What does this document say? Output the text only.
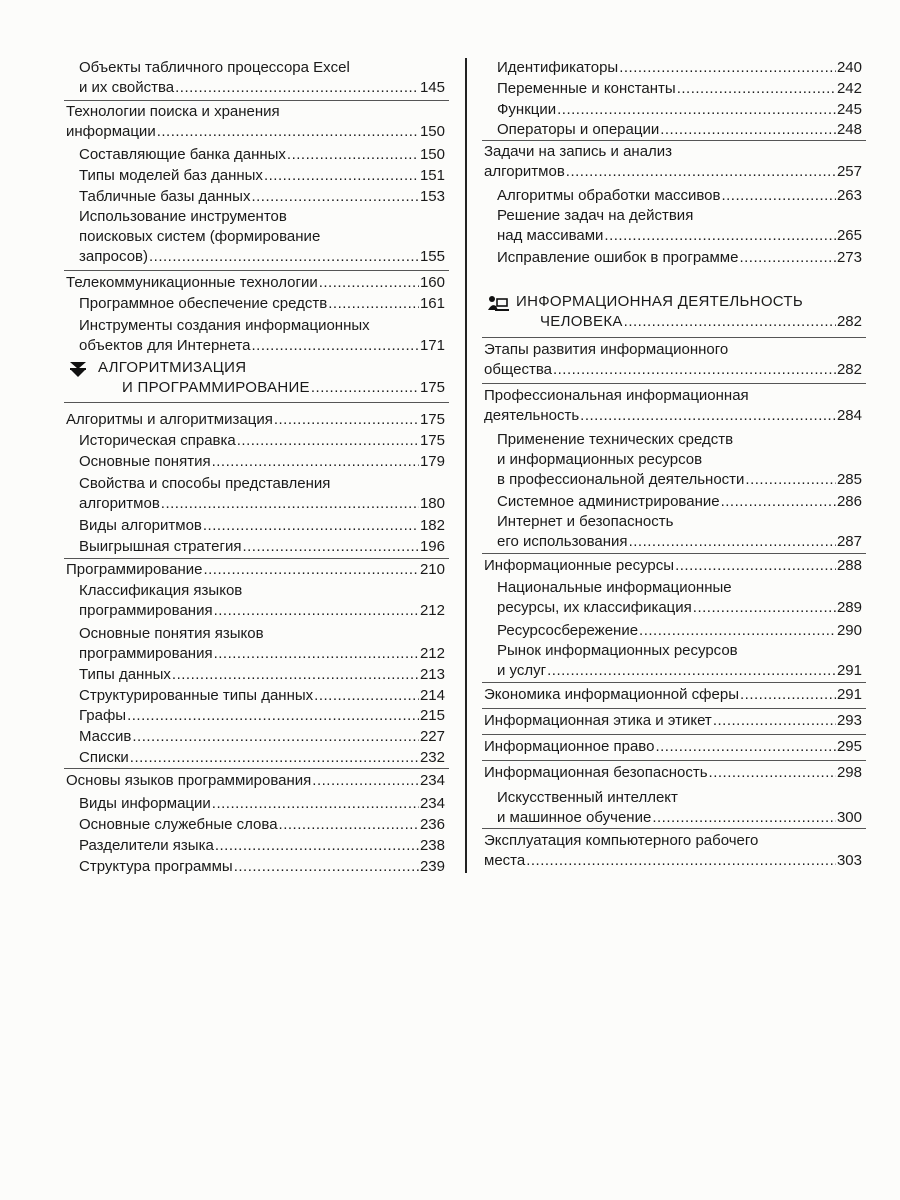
Объекты табличного процессора Excel
и их свойства .....	145
Технологии поиска и хранения
информации .....	150
Составляющие банка данных .....	150
Типы моделей баз данных .....	151
Табличные базы данных .....	153
Использование инструментов
поисковых систем (формирование
запросов) .....	155
Телекоммуникационные технологии .....	160
Программное обеспечение средств .....	161
Инструменты создания информационных
объектов для Интернета .....	171
АЛГОРИТМИЗАЦИЯ
И ПРОГРАММИРОВАНИЕ .....	175
Алгоритмы и алгоритмизация .....	175
Историческая справка .....	175
Основные понятия .....	179
Свойства и способы представления
алгоритмов .....	180
Виды алгоритмов .....	182
Выигрышная стратегия .....	196
Программирование .....	210
Классификация языков
программирования .....	212
Основные понятия языков
программирования .....	212
Типы данных .....	213
Структурированные типы данных .....	214
Графы .....	215
Массив .....	227
Списки .....	232
Основы языков программирования .....	234
Виды информации .....	234
Основные служебные слова .....	236
Разделители языка .....	238
Структура программы .....	239
Идентификаторы .....	240
Переменные и константы .....	242
Функции .....	245
Операторы и операции .....	248
Задачи на запись и анализ
алгоритмов .....	257
Алгоритмы обработки массивов .....	263
Решение задач на действия
над массивами .....	265
Исправление ошибок в программе .....	273
ИНФОРМАЦИОННАЯ ДЕЯТЕЛЬНОСТЬ
ЧЕЛОВЕКА .....	282
Этапы развития информационного
общества .....	282
Профессиональная информационная
деятельность .....	284
Применение технических средств
и информационных ресурсов
в профессиональной деятельности .....	285
Системное администрирование .....	286
Интернет и безопасность
его использования .....	287
Информационные ресурсы .....	288
Национальные информационные
ресурсы, их классификация .....	289
Ресурсосбережение .....	290
Рынок информационных ресурсов
и услуг .....	291
Экономика информационной сферы .....	291
Информационная этика и этикет .....	293
Информационное право .....	295
Информационная безопасность .....	298
Искусственный интеллект
и машинное обучение .....	300
Эксплуатация компьютерного рабочего
места .....	303
